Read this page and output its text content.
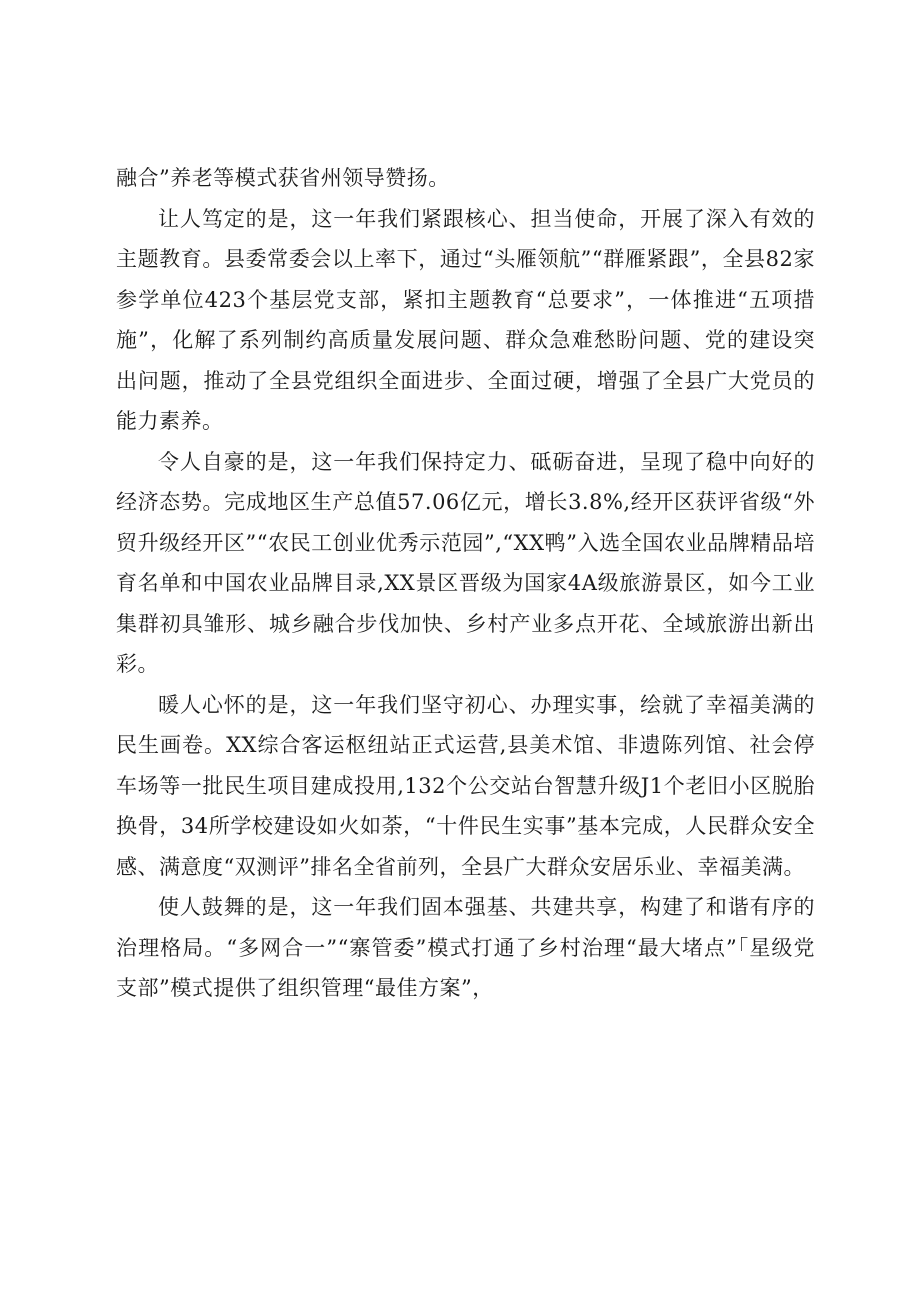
融合”养老等模式获省州领导赞扬。

让人笃定的是，这一年我们紧跟核心、担当使命，开展了深入有效的主题教育。县委常委会以上率下，通过“头雁领航”“群雁紧跟”，全县82家参学单位423个基层党支部，紧扣主题教育“总要求”，一体推进“五项措施”，化解了系列制约高质量发展问题、群众急难愁盼问题、党的建设突出问题，推动了全县党组织全面进步、全面过硬，增强了全县广大党员的能力素养。

令人自豪的是，这一年我们保持定力、砥砺奋进，呈现了稳中向好的经济态势。完成地区生产总值57.06亿元，增长3.8%,经开区获评省级“外贸升级经开区”“农民工创业优秀示范园”,“XX鸭”入选全国农业品牌精品培育名单和中国农业品牌目录,XX景区晋级为国家4A级旅游景区，如今工业集群初具雏形、城乡融合步伐加快、乡村产业多点开花、全域旅游出新出彩。

暖人心怀的是，这一年我们坚守初心、办理实事，绘就了幸福美满的民生画卷。XX综合客运枢纽站正式运营,县美术馆、非遗陈列馆、社会停车场等一批民生项目建成投用,132个公交站台智慧升级J1个老旧小区脱胎换骨，34所学校建设如火如荼，“十件民生实事”基本完成，人民群众安全感、满意度“双测评”排名全省前列，全县广大群众安居乐业、幸福美满。

使人鼓舞的是，这一年我们固本强基、共建共享，构建了和谐有序的治理格局。“多网合一”“寨管委”模式打通了乡村治理“最大堵点”「星级党支部”模式提供了组织管理“最佳方案”，
